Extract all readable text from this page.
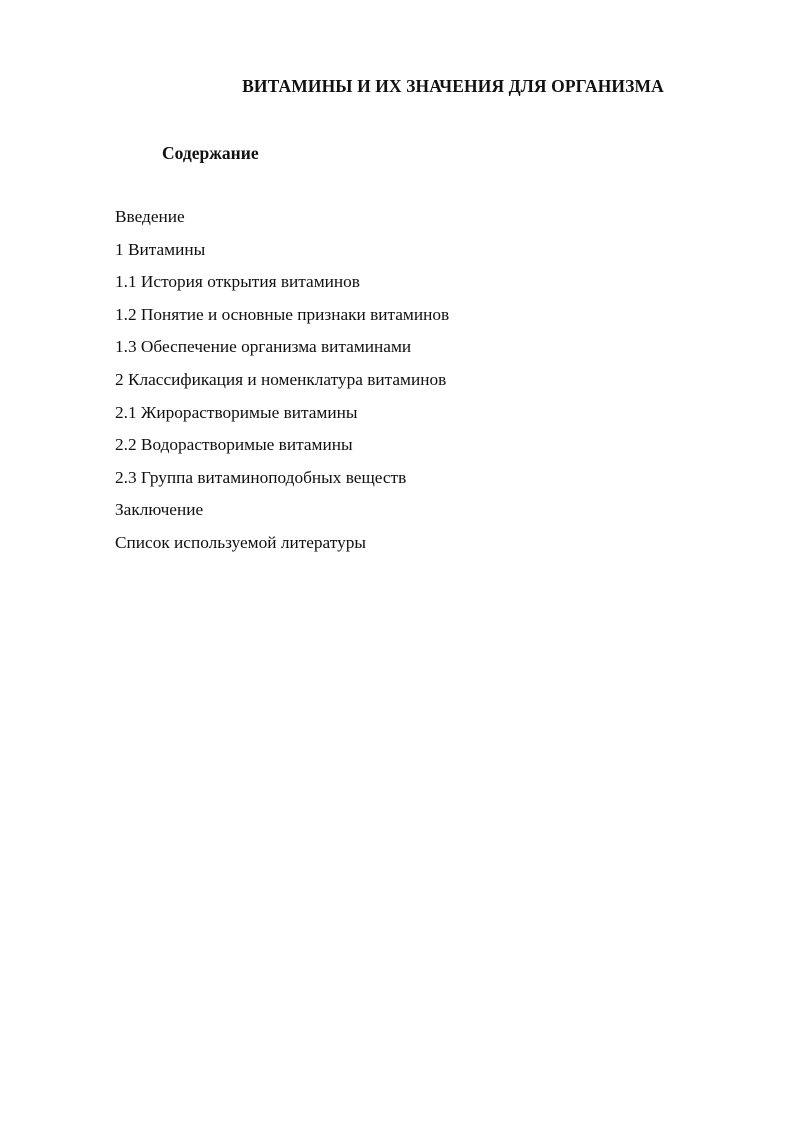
ВИТАМИНЫ И ИХ ЗНАЧЕНИЯ ДЛЯ ОРГАНИЗМА
Содержание
Введение
1 Витамины
1.1 История открытия витаминов
1.2 Понятие и основные признаки витаминов
1.3 Обеспечение организма витаминами
2 Классификация и номенклатура витаминов
2.1 Жирорастворимые витамины
2.2 Водорастворимые витамины
2.3 Группа витаминоподобных веществ
Заключение
Список используемой литературы
